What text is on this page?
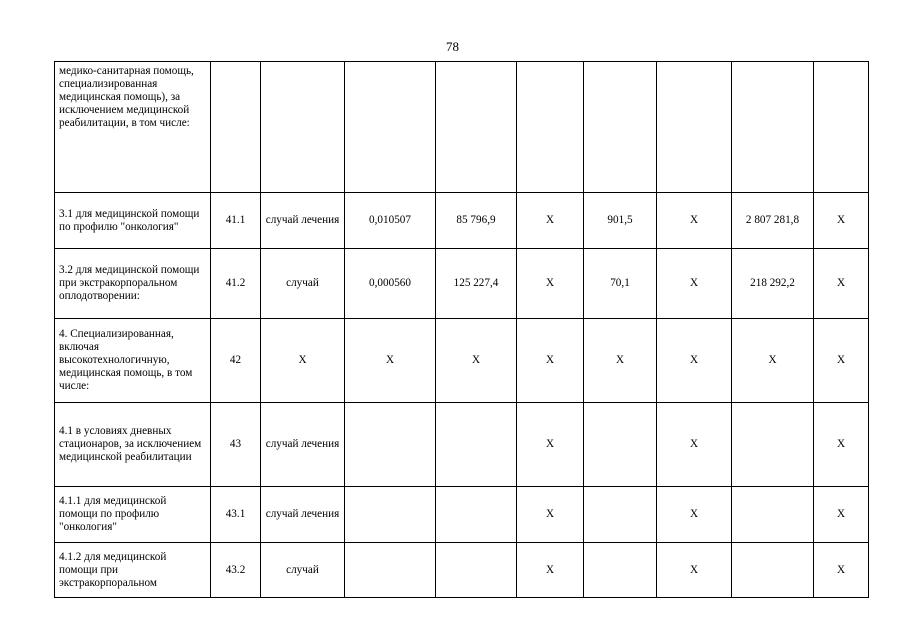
78
медико-санитарная помощь, специализированная медицинская помощь), за исключением медицинской реабилитации, в том числе:									
3.1 для медицинской помощи по профилю "онкология"	41.1	случай лечения	0,010507	85 796,9	Х	901,5	Х	2 807 281,8	Х
3.2 для медицинской помощи при экстракорпоральном оплодотворении:	41.2	случай	0,000560	125 227,4	Х	70,1	Х	218 292,2	Х
4. Специализированная, включая высокотехнологичную, медицинская помощь, в том числе:	42	Х	Х	Х	Х	Х	Х	Х	Х
4.1 в условиях дневных стационаров, за исключением медицинской реабилитации	43	случай лечения			Х		Х		Х
4.1.1 для медицинской помощи по профилю "онкология"	43.1	случай лечения			Х		Х		Х
4.1.2 для медицинской помощи при экстракорпоральном	43.2	случай			Х		Х		Х
